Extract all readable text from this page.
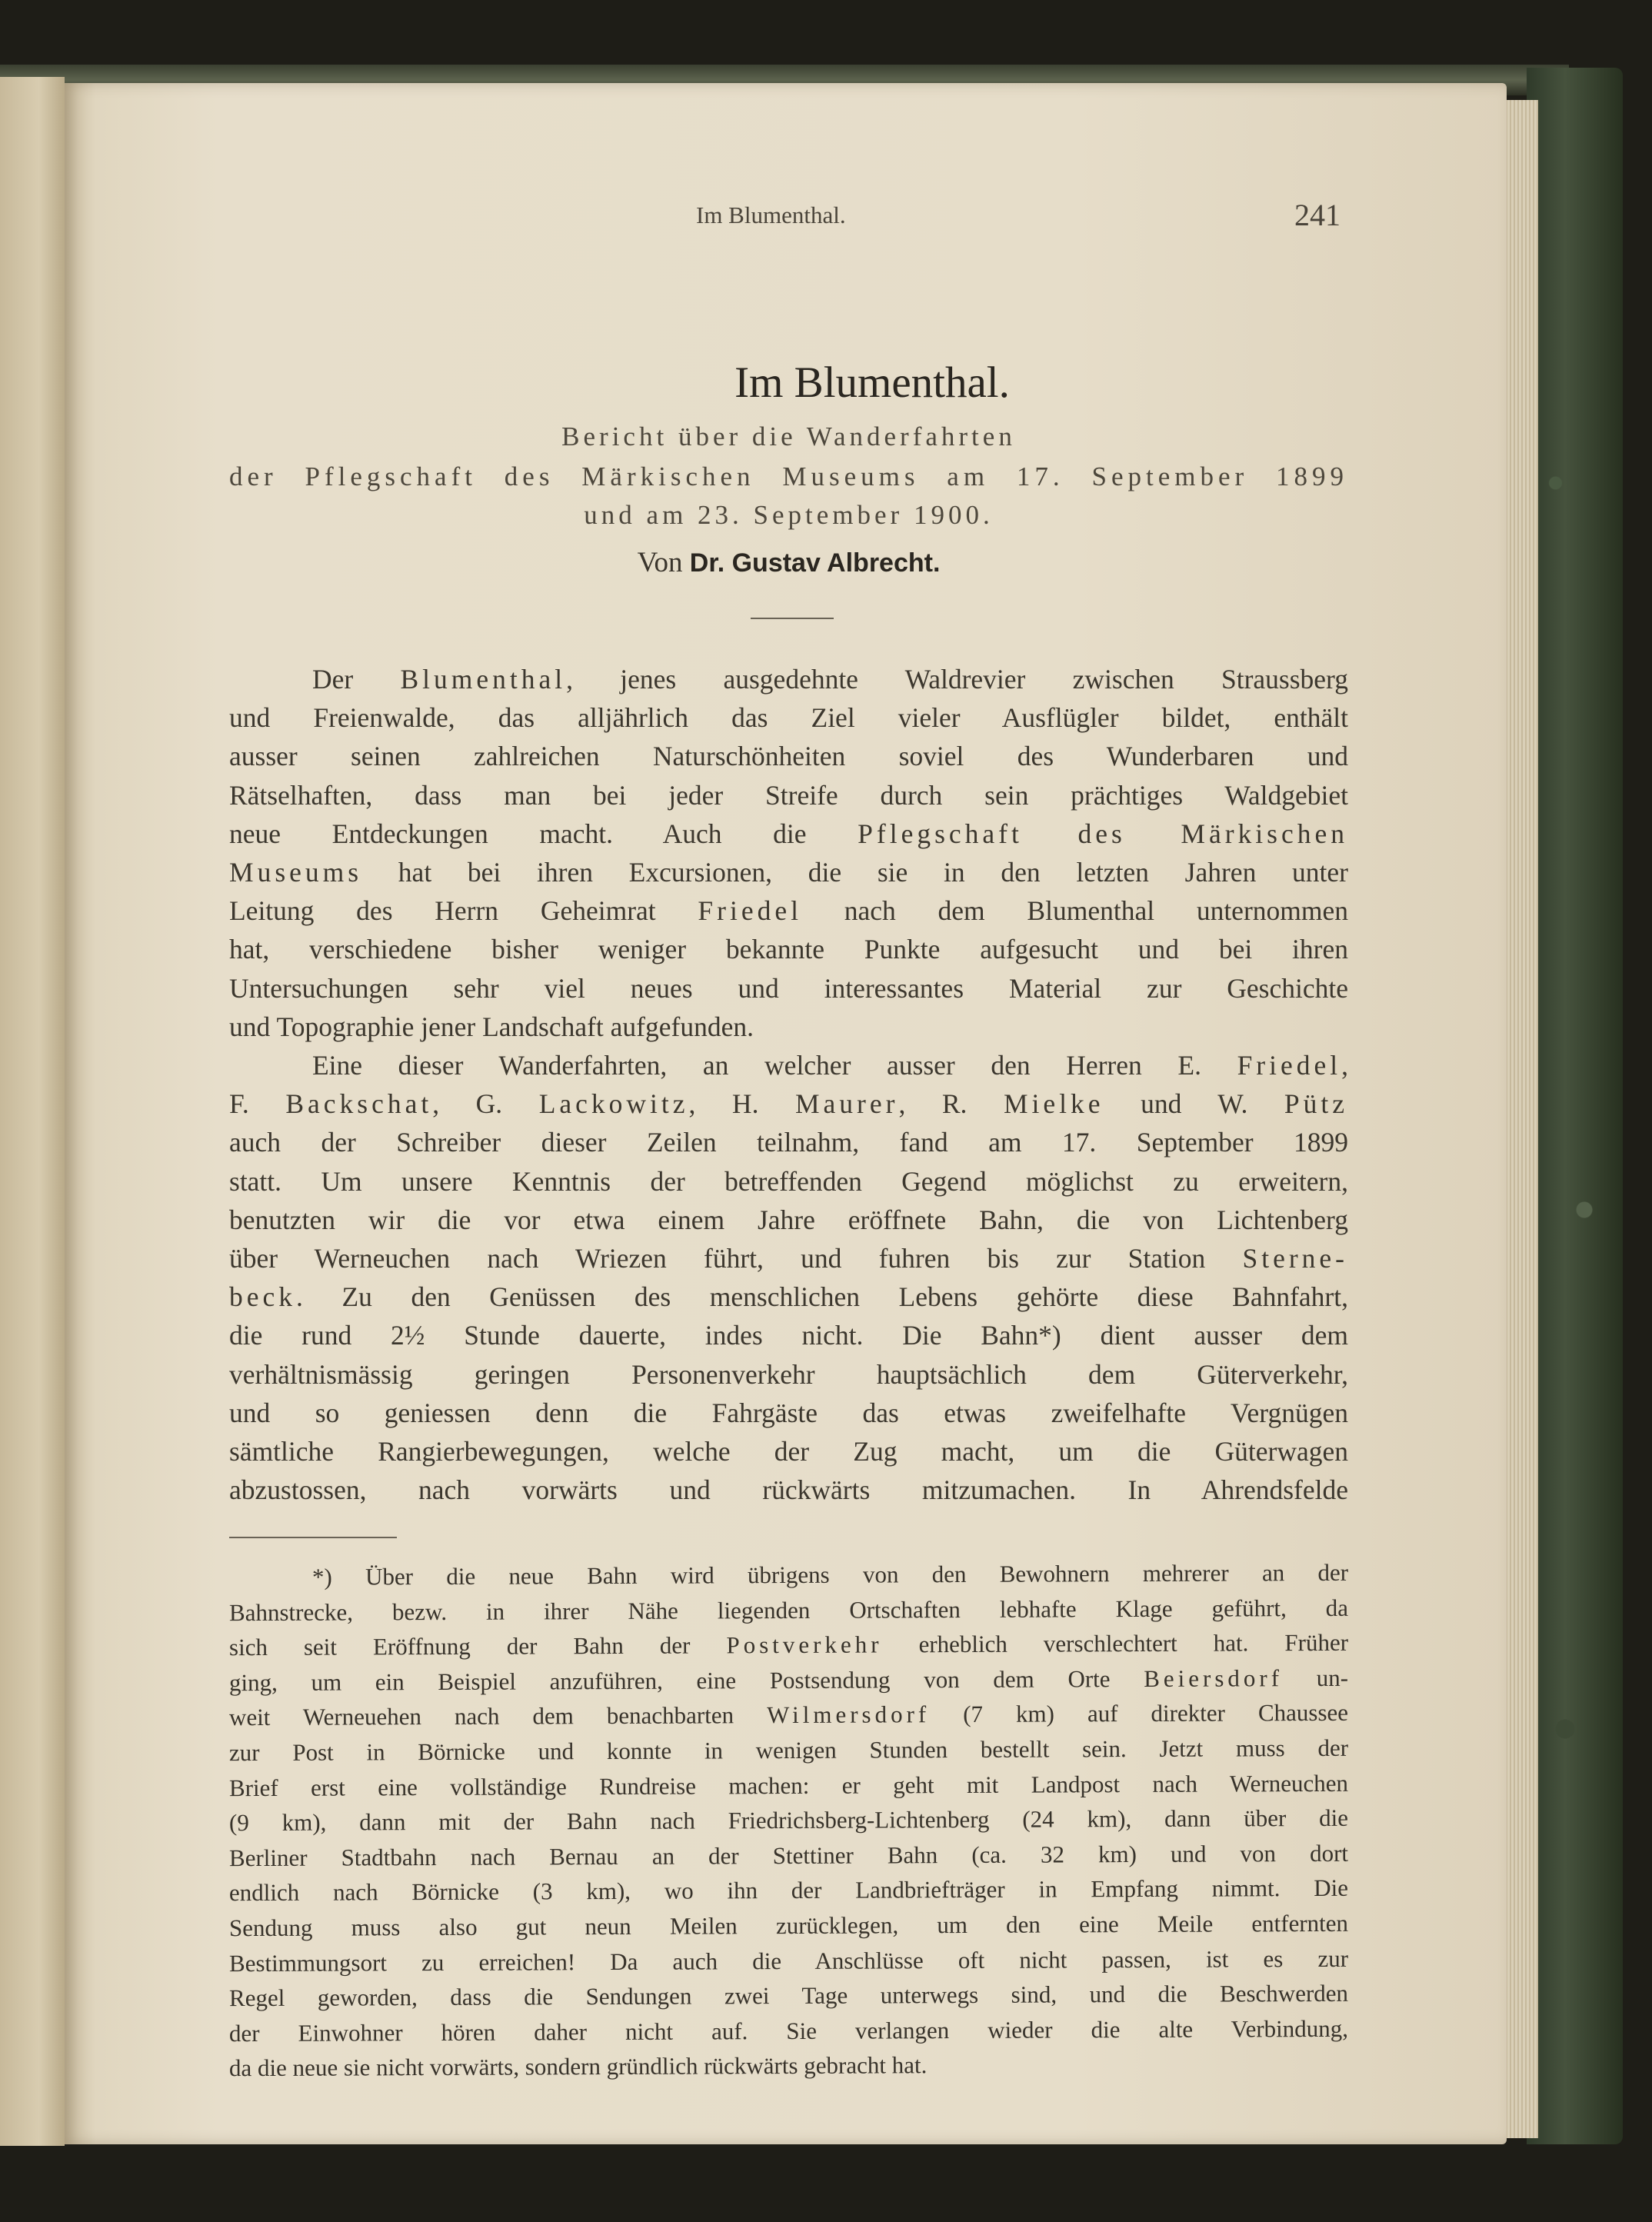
Im Blumenthal.	241
Im Blumenthal.
Bericht über die Wanderfahrten
der Pflegschaft des Märkischen Museums am 17. September 1899
und am 23. September 1900.
Von Dr. Gustav Albrecht.
Der Blumenthal, jenes ausgedehnte Waldrevier zwischen Straussberg
und Freienwalde, das alljährlich das Ziel vieler Ausflügler bildet, enthält
ausser seinen zahlreichen Naturschönheiten soviel des Wunderbaren und
Rätselhaften, dass man bei jeder Streife durch sein prächtiges Waldgebiet
neue Entdeckungen macht. Auch die Pflegschaft des Märkischen
Museums hat bei ihren Excursionen, die sie in den letzten Jahren unter
Leitung des Herrn Geheimrat Friedel nach dem Blumenthal unternommen
hat, verschiedene bisher weniger bekannte Punkte aufgesucht und bei ihren
Untersuchungen sehr viel neues und interessantes Material zur Geschichte
und Topographie jener Landschaft aufgefunden.
Eine dieser Wanderfahrten, an welcher ausser den Herren E. Friedel,
F. Backschat, G. Lackowitz, H. Maurer, R. Mielke und W. Pütz
auch der Schreiber dieser Zeilen teilnahm, fand am 17. September 1899
statt. Um unsere Kenntnis der betreffenden Gegend möglichst zu erweitern,
benutzten wir die vor etwa einem Jahre eröffnete Bahn, die von Lichtenberg
über Werneuchen nach Wriezen führt, und fuhren bis zur Station Sterne-
beck. Zu den Genüssen des menschlichen Lebens gehörte diese Bahnfahrt,
die rund 2½ Stunde dauerte, indes nicht. Die Bahn*) dient ausser dem
verhältnismässig geringen Personenverkehr hauptsächlich dem Güterverkehr,
und so geniessen denn die Fahrgäste das etwas zweifelhafte Vergnügen
sämtliche Rangierbewegungen, welche der Zug macht, um die Güterwagen
abzustossen, nach vorwärts und rückwärts mitzumachen. In Ahrendsfelde
*) Über die neue Bahn wird übrigens von den Bewohnern mehrerer an der
Bahnstrecke, bezw. in ihrer Nähe liegenden Ortschaften lebhafte Klage geführt, da
sich seit Eröffnung der Bahn der Postverkehr erheblich verschlechtert hat. Früher
ging, um ein Beispiel anzuführen, eine Postsendung von dem Orte Beiersdorf un-
weit Werneuehen nach dem benachbarten Wilmersdorf (7 km) auf direkter Chaussee
zur Post in Börnicke und konnte in wenigen Stunden bestellt sein. Jetzt muss der
Brief erst eine vollständige Rundreise machen: er geht mit Landpost nach Werneuchen
(9 km), dann mit der Bahn nach Friedrichsberg-Lichtenberg (24 km), dann über die
Berliner Stadtbahn nach Bernau an der Stettiner Bahn (ca. 32 km) und von dort
endlich nach Börnicke (3 km), wo ihn der Landbriefträger in Empfang nimmt. Die
Sendung muss also gut neun Meilen zurücklegen, um den eine Meile entfernten
Bestimmungsort zu erreichen! Da auch die Anschlüsse oft nicht passen, ist es zur
Regel geworden, dass die Sendungen zwei Tage unterwegs sind, und die Beschwerden
der Einwohner hören daher nicht auf. Sie verlangen wieder die alte Verbindung,
da die neue sie nicht vorwärts, sondern gründlich rückwärts gebracht hat.
